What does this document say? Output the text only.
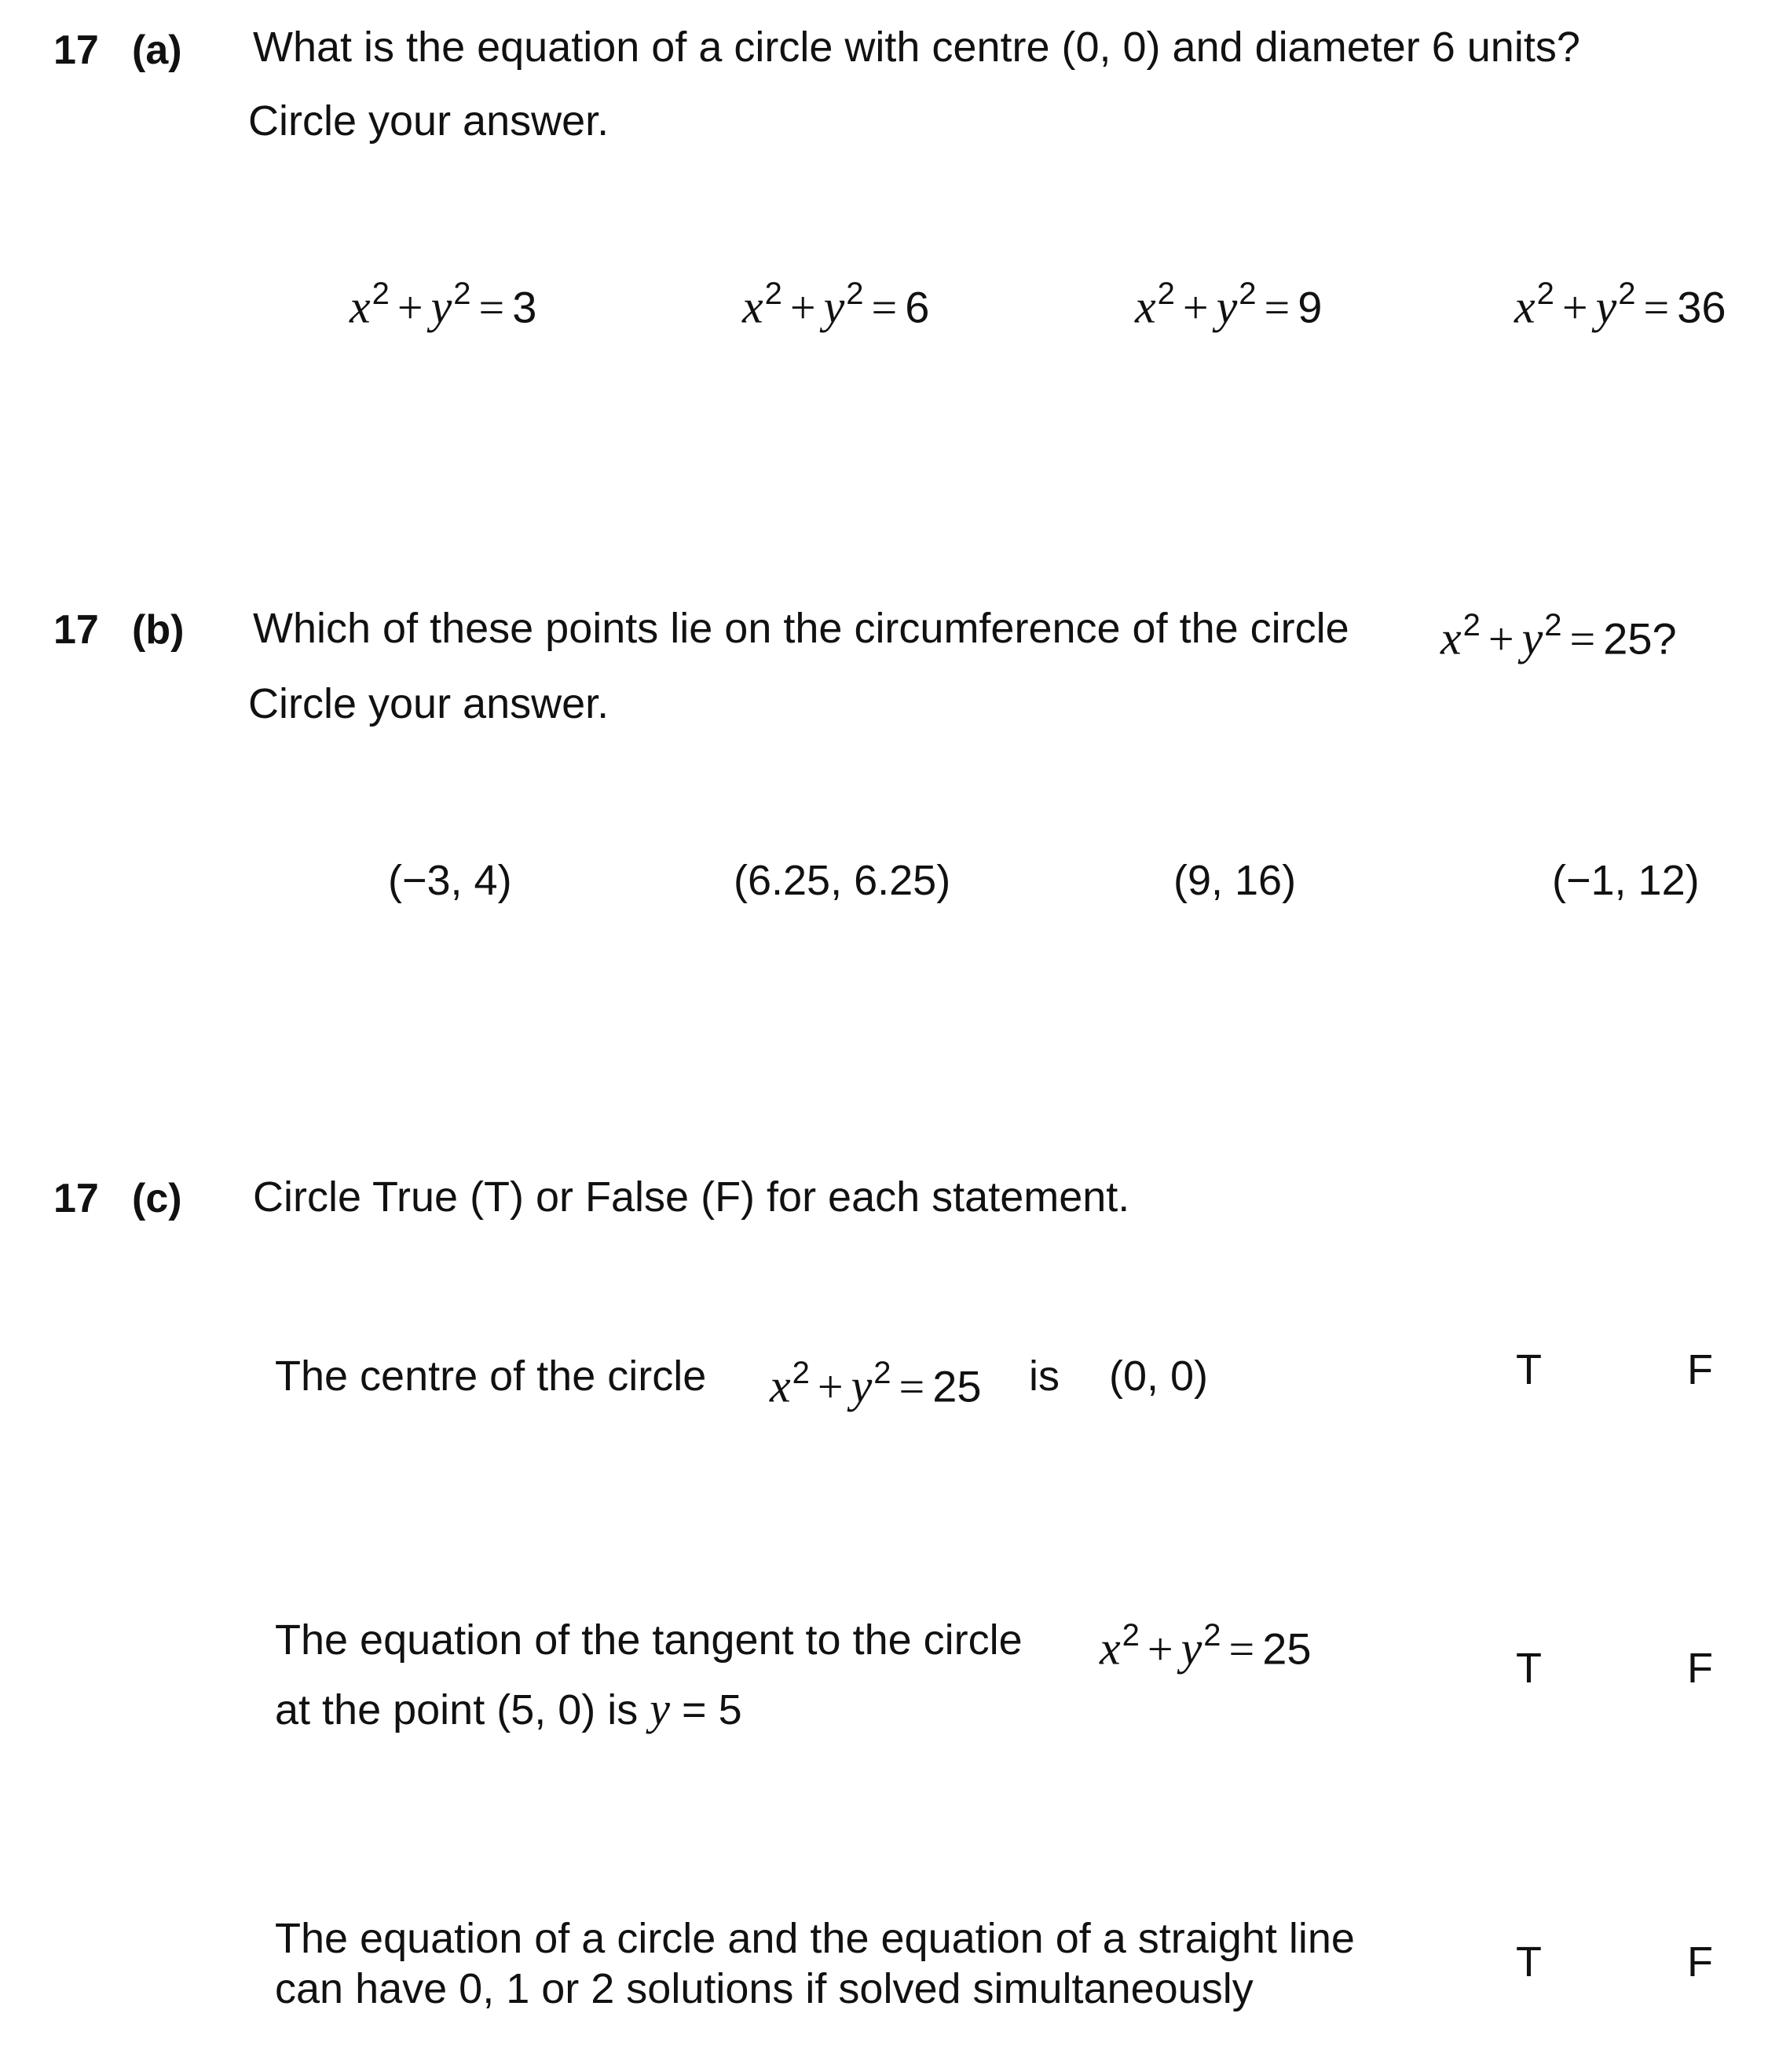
17 (a) What is the equation of a circle with centre (0, 0) and diameter 6 units?
Circle your answer.
$x^2 + y^2 = 3$	$x^2 + y^2 = 6$	$x^2 + y^2 = 9$	$x^2 + y^2 = 36$
17 (b) Which of these points lie on the circumference of the circle $x^2 + y^2 = 25$?
Circle your answer.
(−3, 4)	(6.25, 6.25)	(9, 16)	(−1, 12)
17 (c) Circle True (T) or False (F) for each statement.
The centre of the circle $x^2 + y^2 = 25$ is (0, 0)	T	F
The equation of the tangent to the circle $x^2 + y^2 = 25$
at the point (5, 0) is y = 5
T	F
The equation of a circle and the equation of a straight line
can have 0, 1 or 2 solutions if solved simultaneously
T	F
